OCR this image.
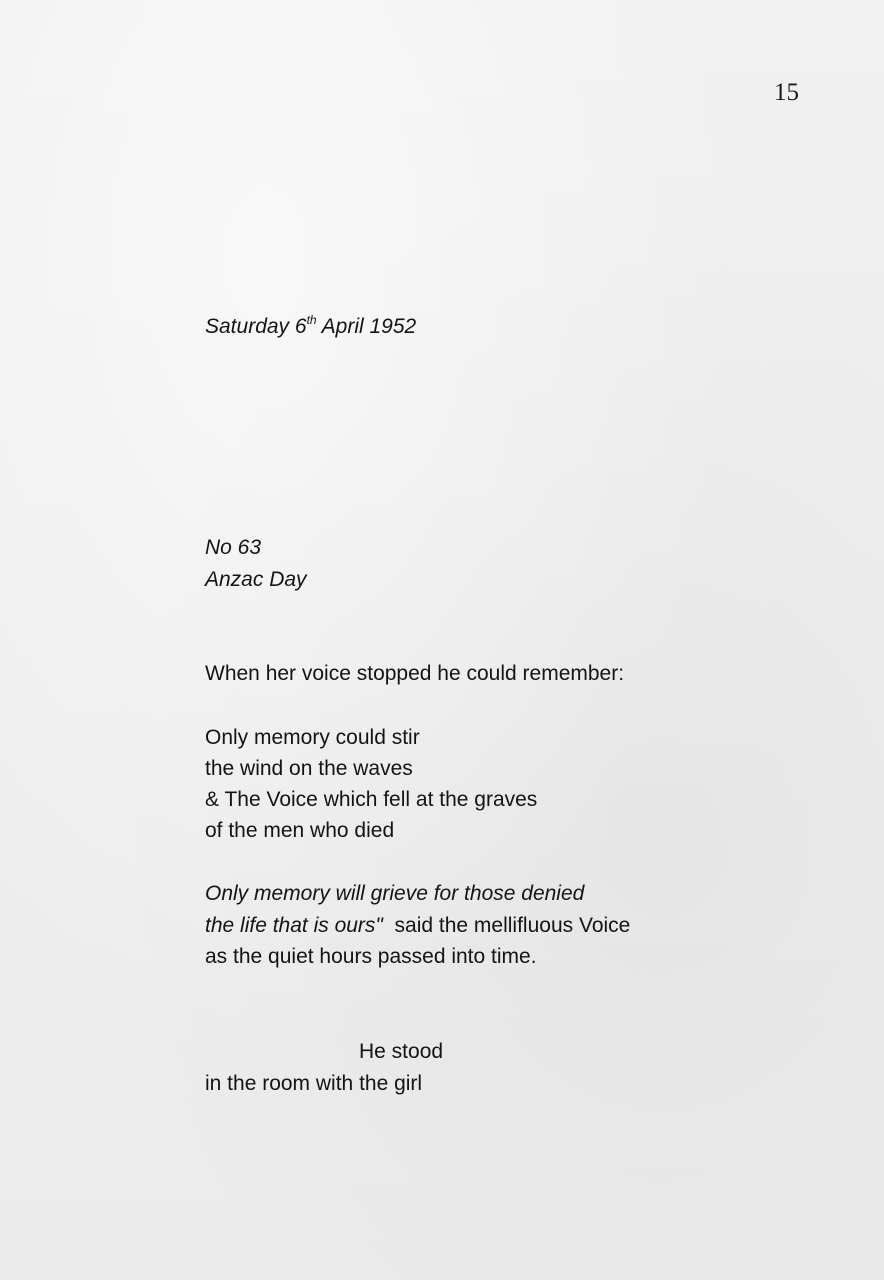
15
Saturday 6th April 1952
No 63
Anzac Day
When her voice stopped he could remember:
Only memory could stir
the wind on the waves
& The Voice which fell at the graves
of the men who died
Only memory will grieve for those denied
the life that is ours"  said the mellifluous Voice
as the quiet hours passed into time.
He stood
in the room with the girl
